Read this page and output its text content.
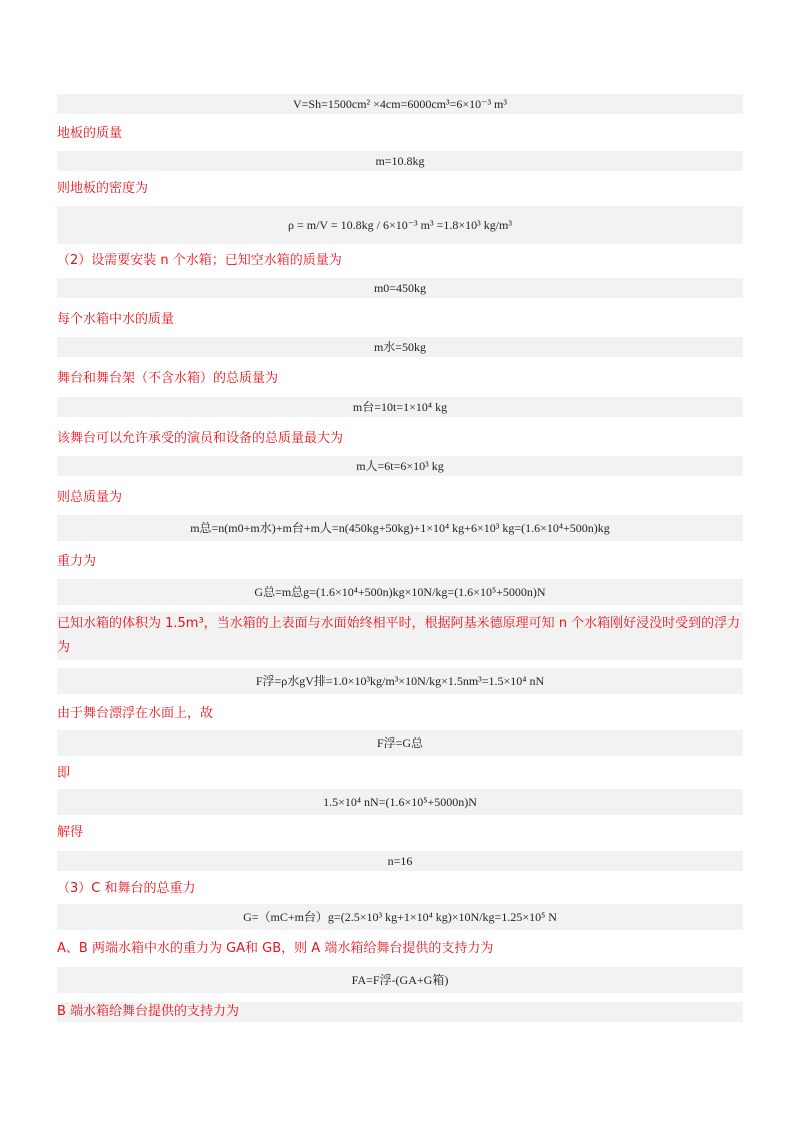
V=Sh=1500cm² ×4cm=6000cm³=6×10⁻³ m³
地板的质量
m=10.8kg
则地板的密度为
ρ = m/V = 10.8kg / 6×10⁻³ m³ =1.8×10³ kg/m³
（2）设需要安装 n 个水箱；已知空水箱的质量为
m0=450kg
每个水箱中水的质量
m水=50kg
舞台和舞台架（不含水箱）的总质量为
m台=10t=1×10⁴ kg
该舞台可以允许承受的演员和设备的总质量最大为
m人=6t=6×10³ kg
则总质量为
m总=n(m0+m水)+m台+m人=n(450kg+50kg)+1×10⁴ kg+6×10³ kg=(1.6×10⁴+500n)kg
重力为
G总=m总g=(1.6×10⁴+500n)kg×10N/kg=(1.6×10⁵+5000n)N
已知水箱的体积为 1.5m³，当水箱的上表面与水面始终相平时，根据阿基米德原理可知 n 个水箱刚好浸没时受到的浮力为
F浮=ρ水gV排=1.0×10³kg/m³×10N/kg×1.5nm³=1.5×10⁴ nN
由于舞台漂浮在水面上，故
F浮=G总
即
1.5×10⁴ nN=(1.6×10⁵+5000n)N
解得
n=16
（3）C 和舞台的总重力
G=（mC+m台）g=(2.5×10³ kg+1×10⁴ kg)×10N/kg=1.25×10⁵ N
A、B 两端水箱中水的重力为 GA和 GB，则 A 端水箱给舞台提供的支持力为
FA=F浮-(GA+G箱)
B 端水箱给舞台提供的支持力为
